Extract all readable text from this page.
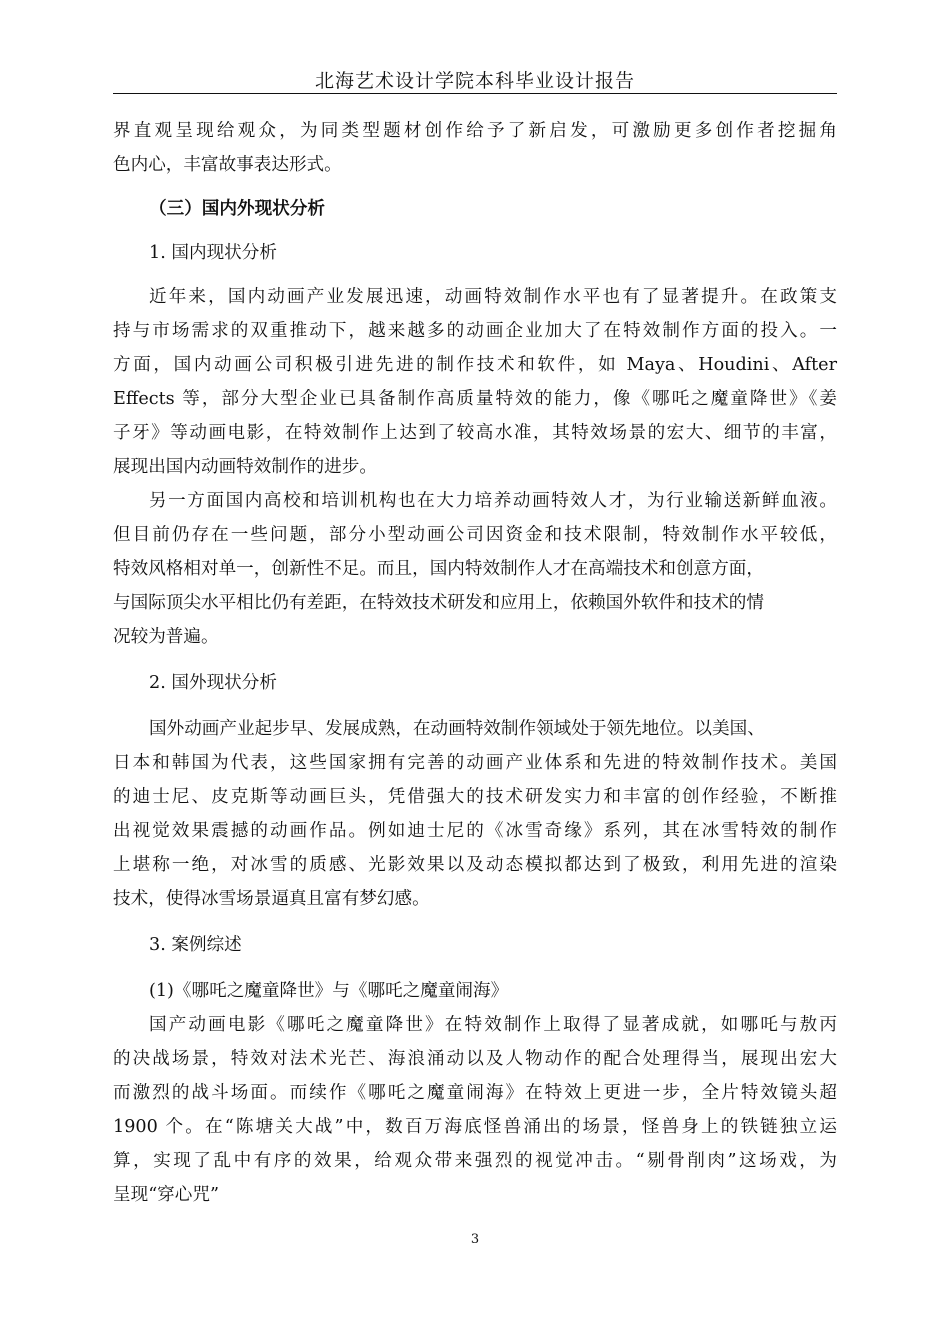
北海艺术设计学院本科毕业设计报告
界直观呈现给观众，为同类型题材创作给予了新启发，可激励更多创作者挖掘角
色内心，丰富故事表达形式。
（三）国内外现状分析
1. 国内现状分析
近年来，国内动画产业发展迅速，动画特效制作水平也有了显著提升。在政策支
持与市场需求的双重推动下，越来越多的动画企业加大了在特效制作方面的投入。一
方面，国内动画公司积极引进先进的制作技术和软件，如 Maya、Houdini、After
Effects 等，部分大型企业已具备制作高质量特效的能力，像《哪吒之魔童降世》《姜
子牙》等动画电影，在特效制作上达到了较高水准，其特效场景的宏大、细节的丰富，
展现出国内动画特效制作的进步。
另一方面国内高校和培训机构也在大力培养动画特效人才，为行业输送新鲜血液。
但目前仍存在一些问题，部分小型动画公司因资金和技术限制，特效制作水平较低，
特效风格相对单一，创新性不足。而且，国内特效制作人才在高端技术和创意方面，
与国际顶尖水平相比仍有差距，在特效技术研发和应用上，依赖国外软件和技术的情
况较为普遍。
2. 国外现状分析
国外动画产业起步早、发展成熟，在动画特效制作领域处于领先地位。以美国、
日本和韩国为代表，这些国家拥有完善的动画产业体系和先进的特效制作技术。美国
的迪士尼、皮克斯等动画巨头，凭借强大的技术研发实力和丰富的创作经验，不断推
出视觉效果震撼的动画作品。例如迪士尼的《冰雪奇缘》系列，其在冰雪特效的制作
上堪称一绝，对冰雪的质感、光影效果以及动态模拟都达到了极致，利用先进的渲染
技术，使得冰雪场景逼真且富有梦幻感。
3. 案例综述
(1)《哪吒之魔童降世》与《哪吒之魔童闹海》
国产动画电影《哪吒之魔童降世》在特效制作上取得了显著成就，如哪吒与敖丙
的决战场景，特效对法术光芒、海浪涌动以及人物动作的配合处理得当，展现出宏大
而激烈的战斗场面。而续作《哪吒之魔童闹海》在特效上更进一步，全片特效镜头超
1900 个。在“陈塘关大战”中，数百万海底怪兽涌出的场景，怪兽身上的铁链独立运
算，实现了乱中有序的效果，给观众带来强烈的视觉冲击。“剔骨削肉”这场戏，为
呈现“穿心咒”
3
